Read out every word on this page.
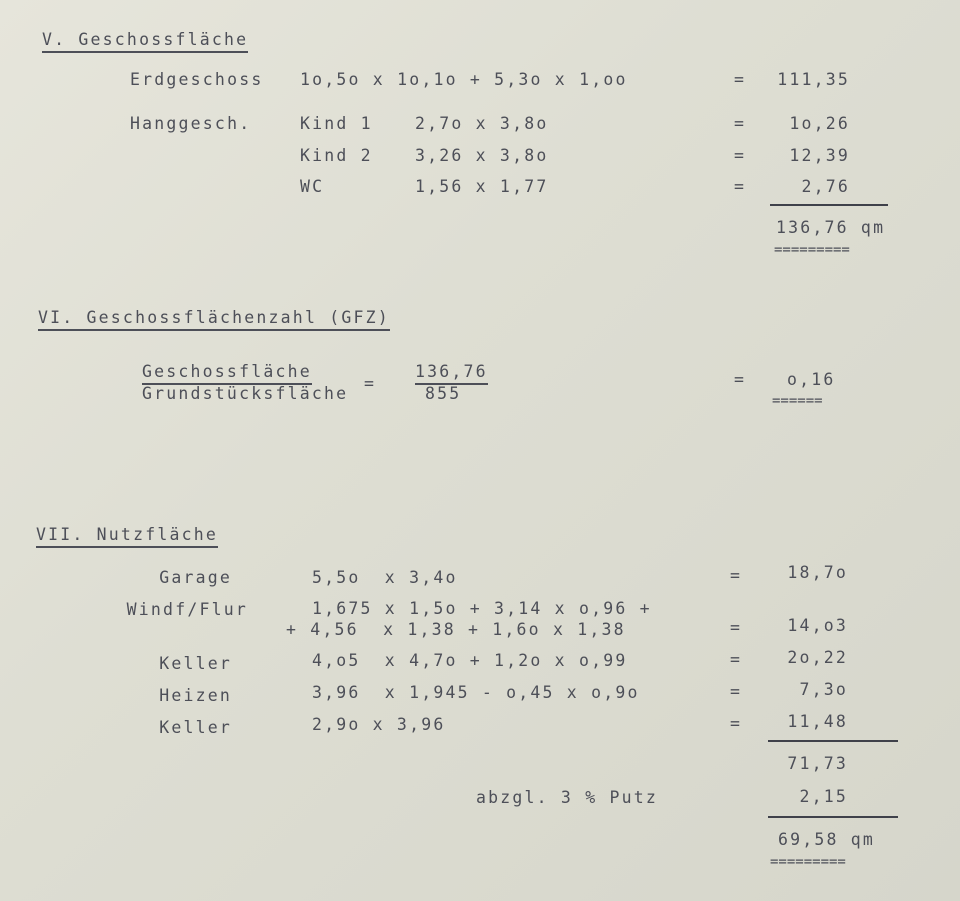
V. Geschossfläche
Erdgeschoss 1o,5o x 1o,1o + 5,3o x 1,oo	=	111,35
Hanggesch.	Kind 1	2,7o x 3,8o	=	1o,26
Kind 2	3,26 x 3,8o	=	12,39
WC	1,56 x 1,77	=	2,76
136,76 qm
=========
VI. Geschossflächenzahl (GFZ)
Geschossfläche
Grundstücksfläche
=
136,76
855
= o,16
======
VII. Nutzfläche
Garage	5,5o  x 3,4o	=	18,7o
Windf/Flur	1,675 x 1,5o + 3,14 x o,96 +
+ 4,56  x 1,38 + 1,6o x 1,38	=	14,o3
Keller	4,o5  x 4,7o + 1,2o x o,99	=	2o,22
Heizen	3,96  x 1,945 - o,45 x o,9o	=	7,3o
Keller	2,9o x 3,96	=	11,48
71,73
abzgl. 3 % Putz	2,15
69,58 qm
=========
